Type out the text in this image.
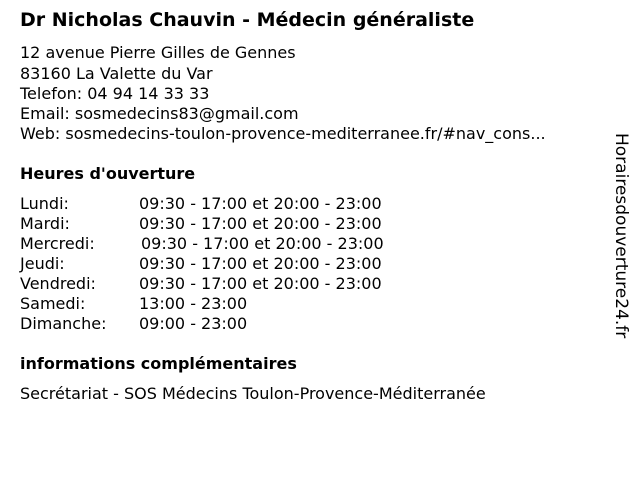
Dr Nicholas Chauvin - Médecin généraliste
12 avenue Pierre Gilles de Gennes
83160 La Valette du Var
Telefon: 04 94 14 33 33
Email: sosmedecins83@gmail.com
Web: sosmedecins-toulon-provence-mediterranee.fr/#nav_cons...
Heures d'ouverture
Lundi:	09:30 - 17:00 et 20:00 - 23:00
Mardi:	09:30 - 17:00 et 20:00 - 23:00
Mercredi:	09:30 - 17:00 et 20:00 - 23:00
Jeudi:	09:30 - 17:00 et 20:00 - 23:00
Vendredi:	09:30 - 17:00 et 20:00 - 23:00
Samedi:	13:00 - 23:00
Dimanche: 09:00 - 23:00
informations complémentaires
Secrétariat - SOS Médecins Toulon-Provence-Méditerranée
Horairesdouverture24.fr
